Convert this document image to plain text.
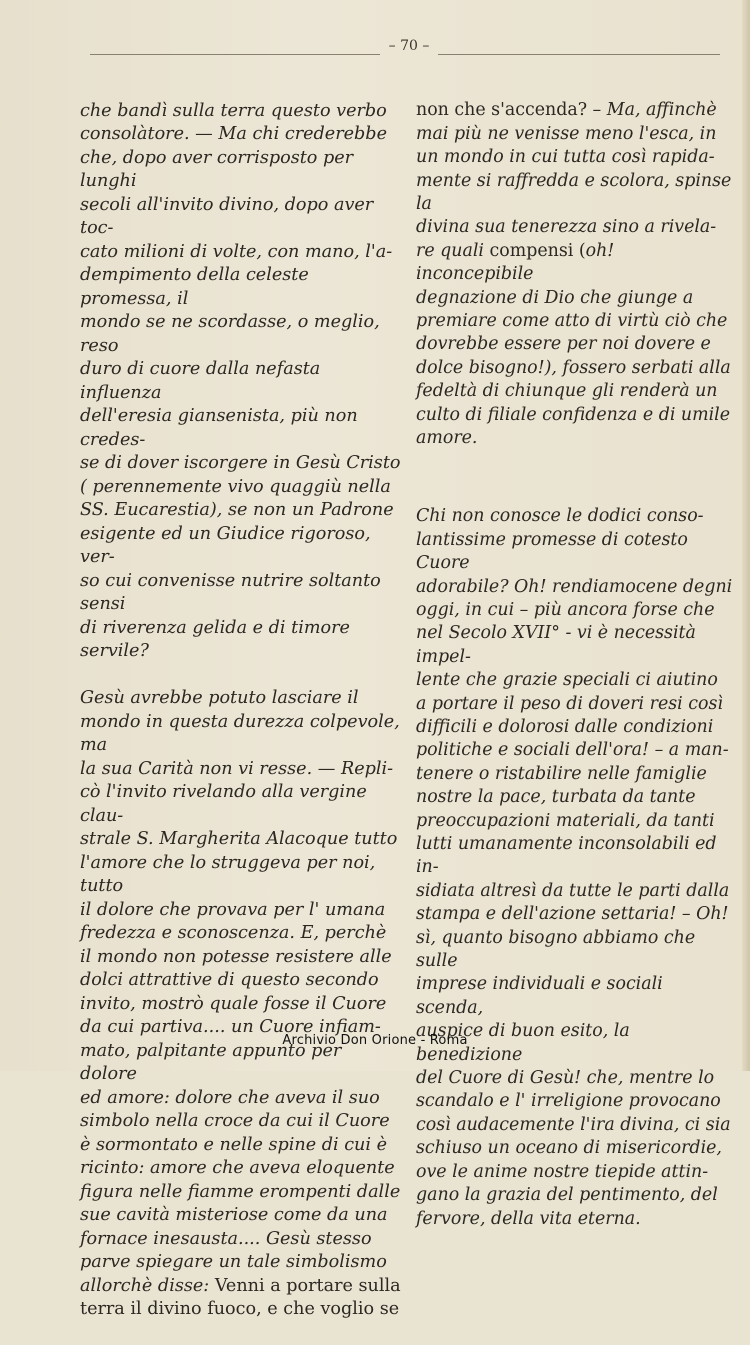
– 70 –

che bandì sulla terra questo verbo
consolàtore. — Ma chi crederebbe
che, dopo aver corrisposto per lunghi
secoli all'invito divino, dopo aver toc-
cato milioni di volte, con mano, l'a-
dempimento della celeste promessa, il
mondo se ne scordasse, o meglio, reso
duro di cuore dalla nefasta influenza
dell'eresia giansenista, più non credes-
se di dover iscorgere in Gesù Cristo
( perennemente vivo quaggiù nella
SS. Eucarestia), se non un Padrone
esigente ed un Giudice rigoroso, ver-
so cui convenisse nutrire soltanto sensi
di riverenza gelida e di timore servile?

Gesù avrebbe potuto lasciare il
mondo in questa durezza colpevole, ma
la sua Carità non vi resse. — Repli-
cò l'invito rivelando alla vergine clau-
strale S. Margherita Alacoque tutto
l'amore che lo struggeva per noi, tutto
il dolore che provava per l' umana
fredezza e sconoscenza. E, perchè
il mondo non potesse resistere alle
dolci attrattive di questo secondo
invito, mostrò quale fosse il Cuore
da cui partiva.... un Cuore infiam-
mato, palpitante appunto per dolore
ed amore: dolore che aveva il suo
simbolo nella croce da cui il Cuore
è sormontato e nelle spine di cui è
ricinto: amore che aveva eloquente
figura nelle fiamme erompenti dalle
sue cavità misteriose come da una
fornace inesausta.... Gesù stesso
parve spiegare un tale simbolismo
allorchè disse: Venni a portare sulla
terra il divino fuoco, e che voglio se

non che s'accenda? – Ma, affinchè
mai più ne venisse meno l'esca, in
un mondo in cui tutta così rapida-
mente si raffredda e scolora, spinse la
divina sua tenerezza sino a rivela-
re quali compensi (oh! inconcepibile
degnazione di Dio che giunge a
premiare come atto di virtù ciò che
dovrebbe essere per noi dovere e
dolce bisogno!), fossero serbati alla
fedeltà di chiunque gli renderà un
culto di filiale confidenza e di umile
amore.

Chi non conosce le dodici conso-
lantissime promesse di cotesto Cuore
adorabile? Oh! rendiamocene degni
oggi, in cui – più ancora forse che
nel Secolo XVII° - vi è necessità impel-
lente che grazie speciali ci aiutino
a portare il peso di doveri resi così
difficili e dolorosi dalle condizioni
politiche e sociali dell'ora! – a man-
tenere o ristabilire nelle famiglie
nostre la pace, turbata da tante
preoccupazioni materiali, da tanti
lutti umanamente inconsolabili ed in-
sidiata altresì da tutte le parti dalla
stampa e dell'azione settaria! – Oh!
sì, quanto bisogno abbiamo che sulle
imprese individuali e sociali scenda,
auspice di buon esito, la benedizione
del Cuore di Gesù! che, mentre lo
scandalo e l' irreligione provocano
così audacemente l'ira divina, ci sia
schiuso un oceano di misericordie,
ove le anime nostre tiepide attin-
gano la grazia del pentimento, del
fervore, della vita eterna.

Archivio Don Orione - Roma
